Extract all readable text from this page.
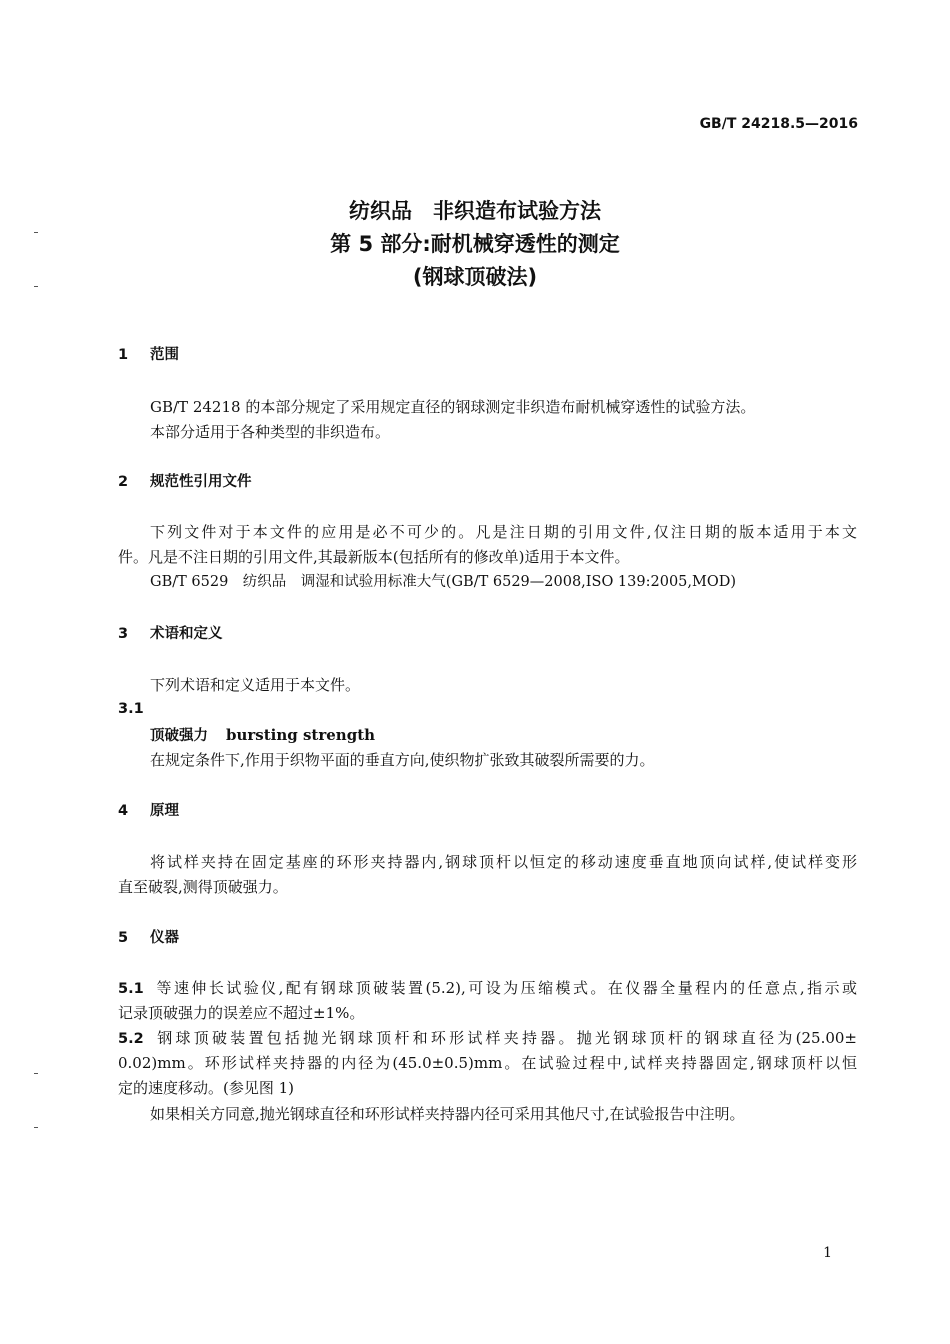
GB/T 24218.5—2016
纺织品　非织造布试验方法
第 5 部分:耐机械穿透性的测定
(钢球顶破法)
1 范围
GB/T 24218 的本部分规定了采用规定直径的钢球测定非织造布耐机械穿透性的试验方法。
本部分适用于各种类型的非织造布。
2 规范性引用文件
下列文件对于本文件的应用是必不可少的。凡是注日期的引用文件,仅注日期的版本适用于本文
件。凡是不注日期的引用文件,其最新版本(包括所有的修改单)适用于本文件。
GB/T 6529　纺织品　调湿和试验用标准大气(GB/T 6529—2008,ISO 139:2005,MOD)
3 术语和定义
下列术语和定义适用于本文件。
3.1
顶破强力 bursting strength
在规定条件下,作用于织物平面的垂直方向,使织物扩张致其破裂所需要的力。
4 原理
将试样夹持在固定基座的环形夹持器内,钢球顶杆以恒定的移动速度垂直地顶向试样,使试样变形
直至破裂,测得顶破强力。
5 仪器
5.1 等速伸长试验仪,配有钢球顶破装置(5.2),可设为压缩模式。在仪器全量程内的任意点,指示或
记录顶破强力的误差应不超过±1%。
5.2 钢球顶破装置包括抛光钢球顶杆和环形试样夹持器。抛光钢球顶杆的钢球直径为(25.00±
0.02)mm。环形试样夹持器的内径为(45.0±0.5)mm。在试验过程中,试样夹持器固定,钢球顶杆以恒
定的速度移动。(参见图 1)
如果相关方同意,抛光钢球直径和环形试样夹持器内径可采用其他尺寸,在试验报告中注明。
1
